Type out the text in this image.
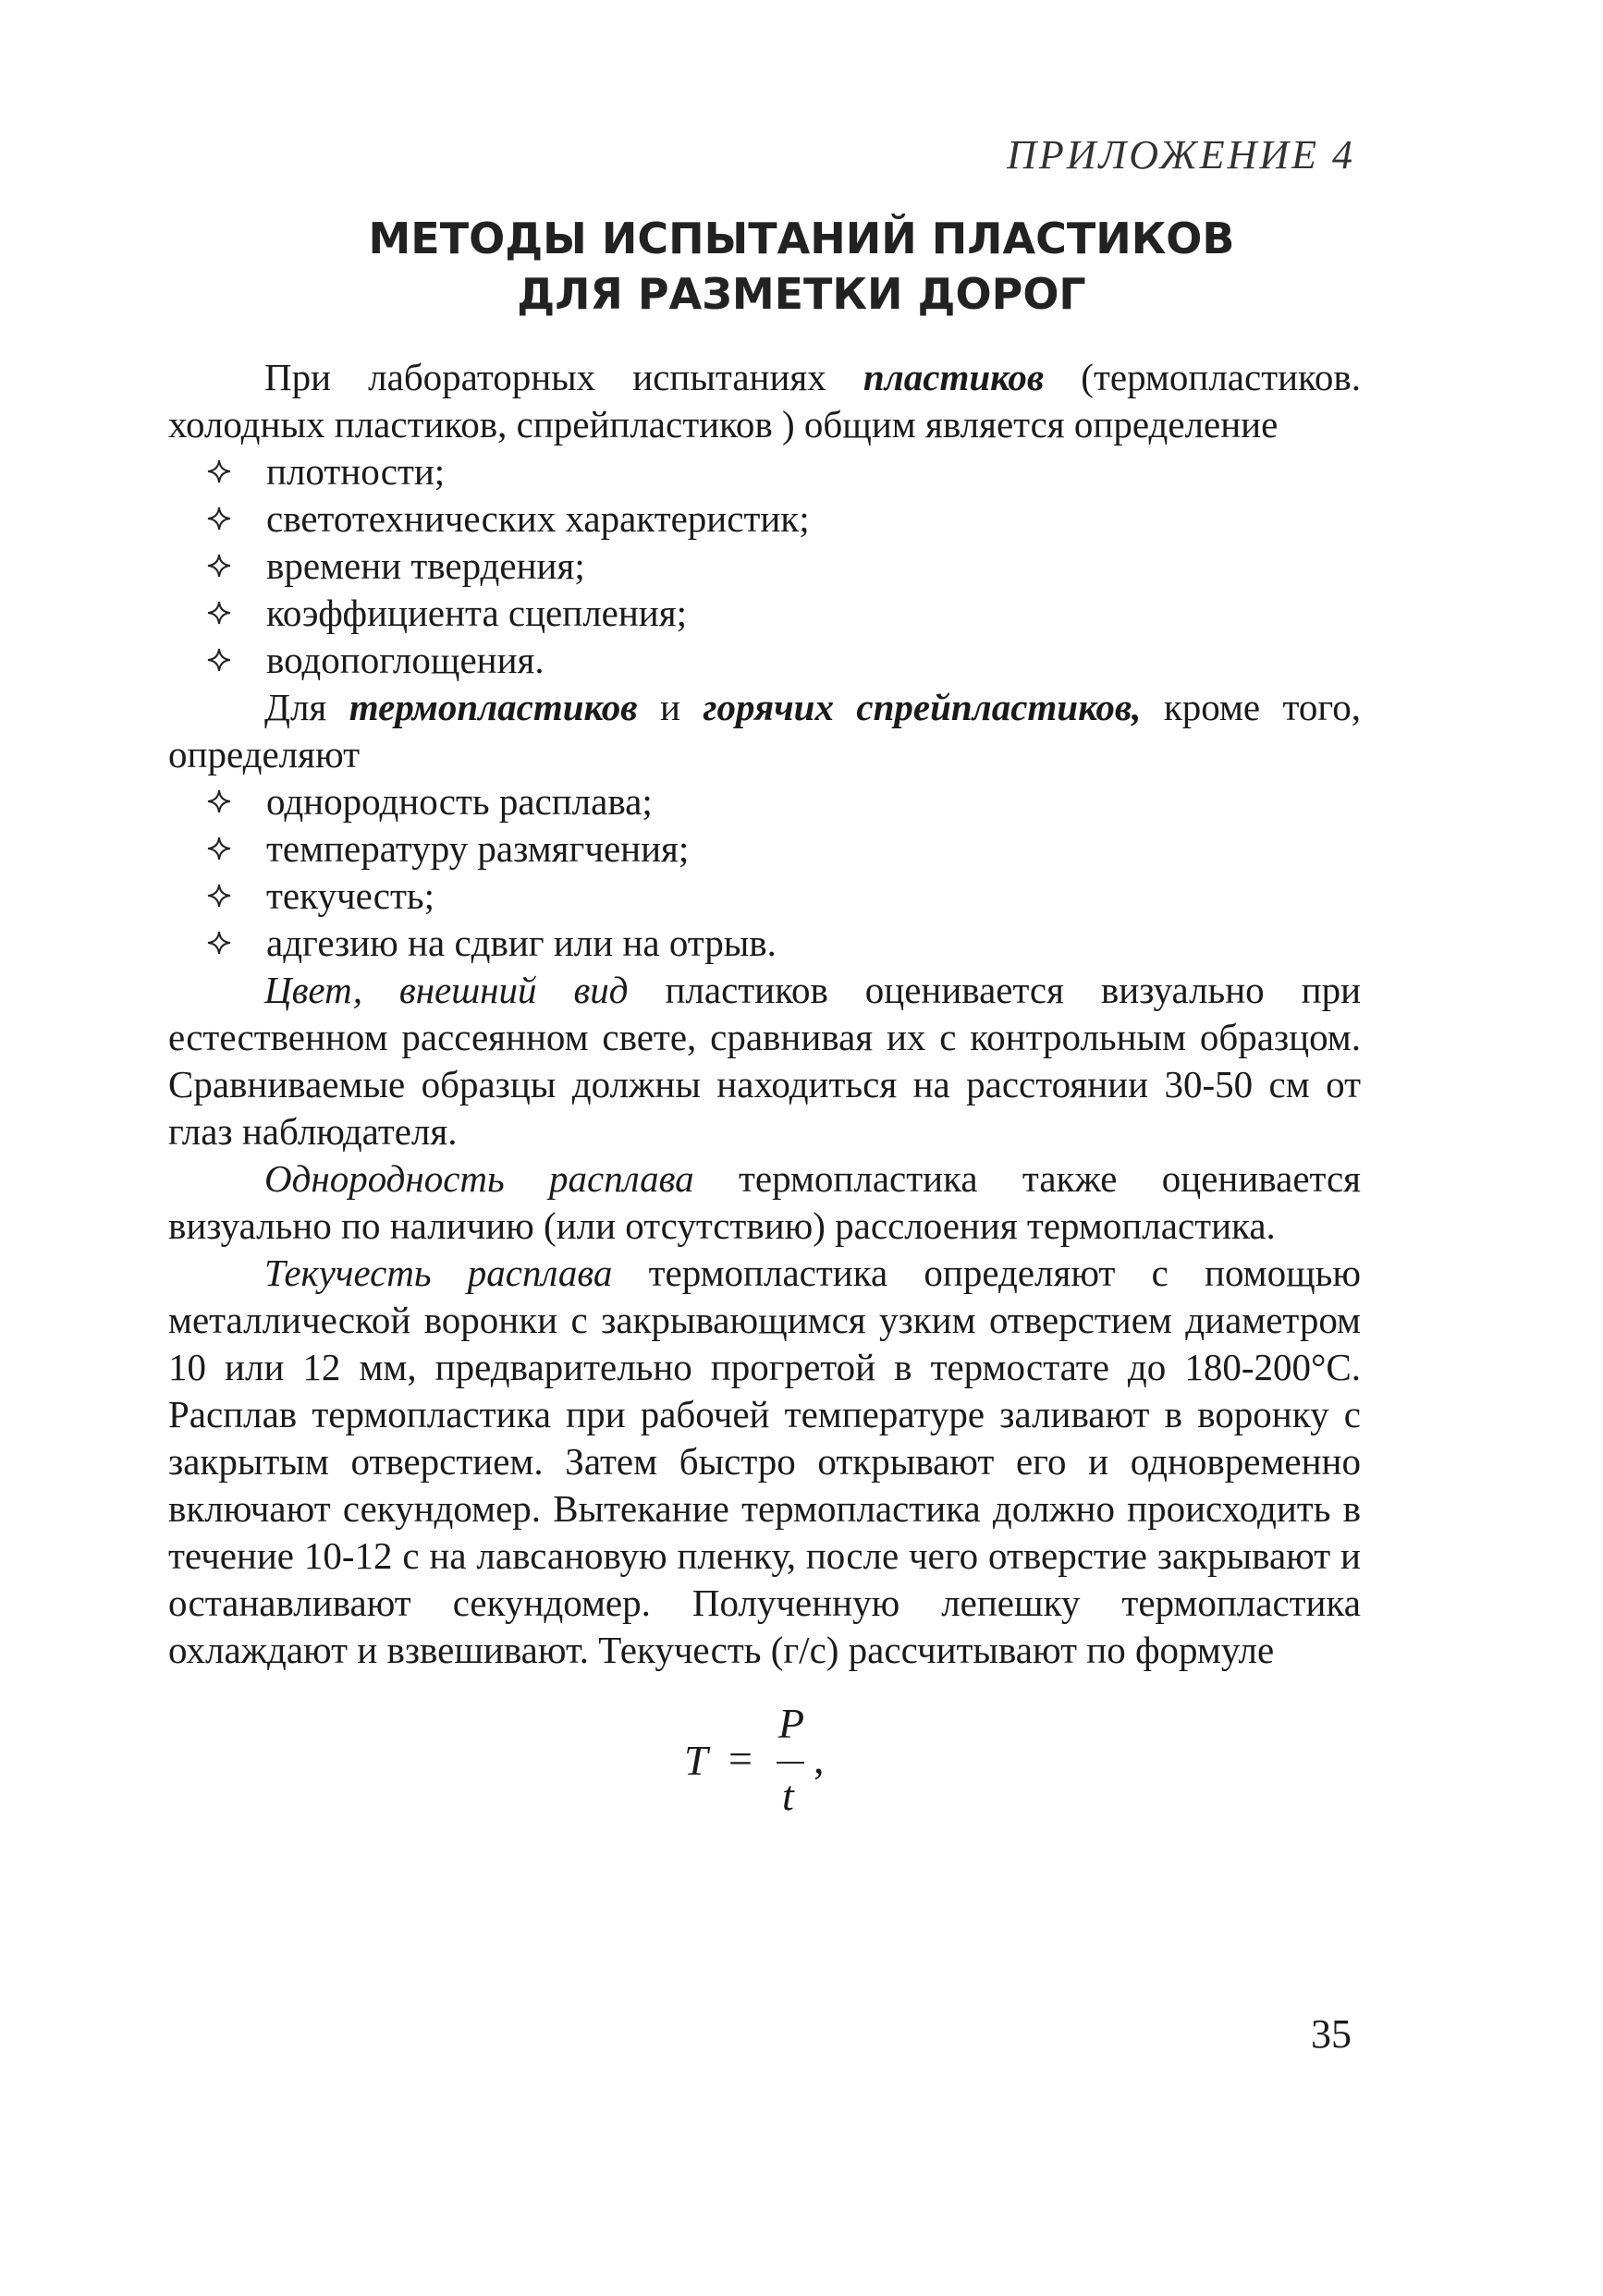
ПРИЛОЖЕНИЕ 4
МЕТОДЫ ИСПЫТАНИЙ ПЛАСТИКОВ
ДЛЯ РАЗМЕТКИ ДОРОГ

При лабораторных испытаниях пластиков (термопластиков. холодных пластиков, спрейпластиков ) общим является определение

плотности;
светотехнических характеристик;
времени твердения;
коэффициента сцепления;
водопоглощения.

Для термопластиков и горячих спрейпластиков, кроме того, определяют

однородность расплава;
температуру размягчения;
текучесть;
адгезию на сдвиг или на отрыв.

Цвет, внешний вид пластиков оценивается визуально при естественном рассеянном свете, сравнивая их с контрольным образцом. Сравниваемые образцы должны находиться на расстоянии 30-50 см от глаз наблюдателя.

Однородность расплава термопластика также оценивается визуально по наличию (или отсутствию) расслоения термопластика.

Текучесть расплава термопластика определяют с помощью металлической воронки с закрывающимся узким отверстием диаметром 10 или 12 мм, предварительно прогретой в термостате до 180-200°С. Расплав термопластика при рабочей температуре заливают в воронку с закрытым отверстием. Затем быстро открывают его и одновременно включают секундомер. Вытекание термопластика должно происходить в течение 10-12 с на лавсановую пленку, после чего отверстие закрывают и останавливают секундомер. Полученную лепешку термопластика охлаждают и взвешивают. Текучесть (г/с) рассчитывают по формуле

T =
P
t
,
35
